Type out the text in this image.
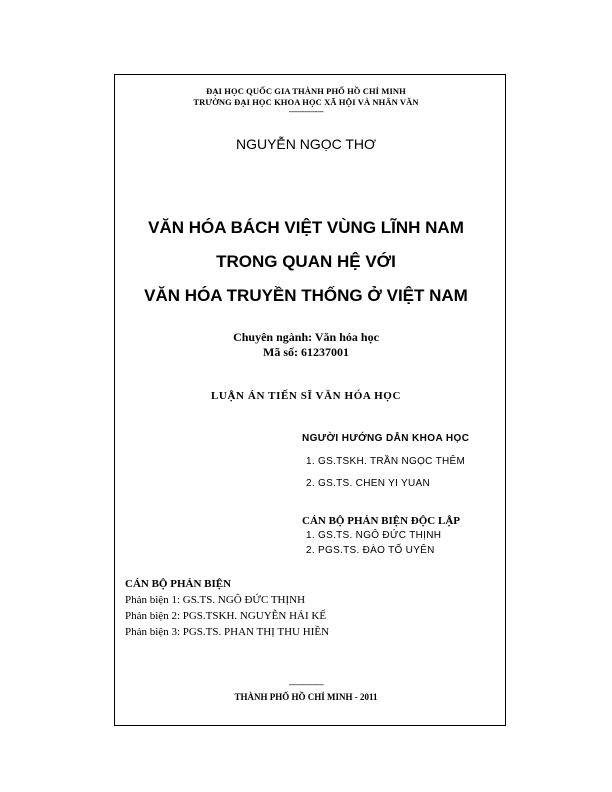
ĐẠI HỌC QUỐC GIA THÀNH PHỐ HỒ CHÍ MINH
TRƯỜNG ĐẠI HỌC KHOA HỌC XÃ HỘI VÀ NHÂN VĂN
----------------
NGUYỄN NGỌC THƠ
VĂN HÓA BÁCH VIỆT VÙNG LĨNH NAM
TRONG QUAN HỆ VỚI
VĂN HÓA TRUYỀN THỐNG Ở VIỆT NAM
Chuyên ngành: Văn hóa học
Mã số: 61237001
LUẬN ÁN TIẾN SĨ VĂN HÓA HỌC
NGƯỜI HƯỚNG DẪN KHOA HỌC
1. GS.TSKH. TRẦN NGỌC THÊM
2. GS.TS. CHEN YI YUAN
CÁN BỘ PHẢN BIỆN ĐỘC LẬP
1. GS.TS. NGÔ ĐỨC THỊNH
2. PGS.TS. ĐÀO TỐ UYÊN
CÁN BỘ PHẢN BIỆN
Phản biện 1: GS.TS. NGÔ ĐỨC THỊNH
Phản biện 2: PGS.TSKH. NGUYỄN HẢI KẾ
Phản biện 3: PGS.TS. PHAN THỊ THU HIỀN
----------------
THÀNH PHỐ HỒ CHÍ MINH - 2011
